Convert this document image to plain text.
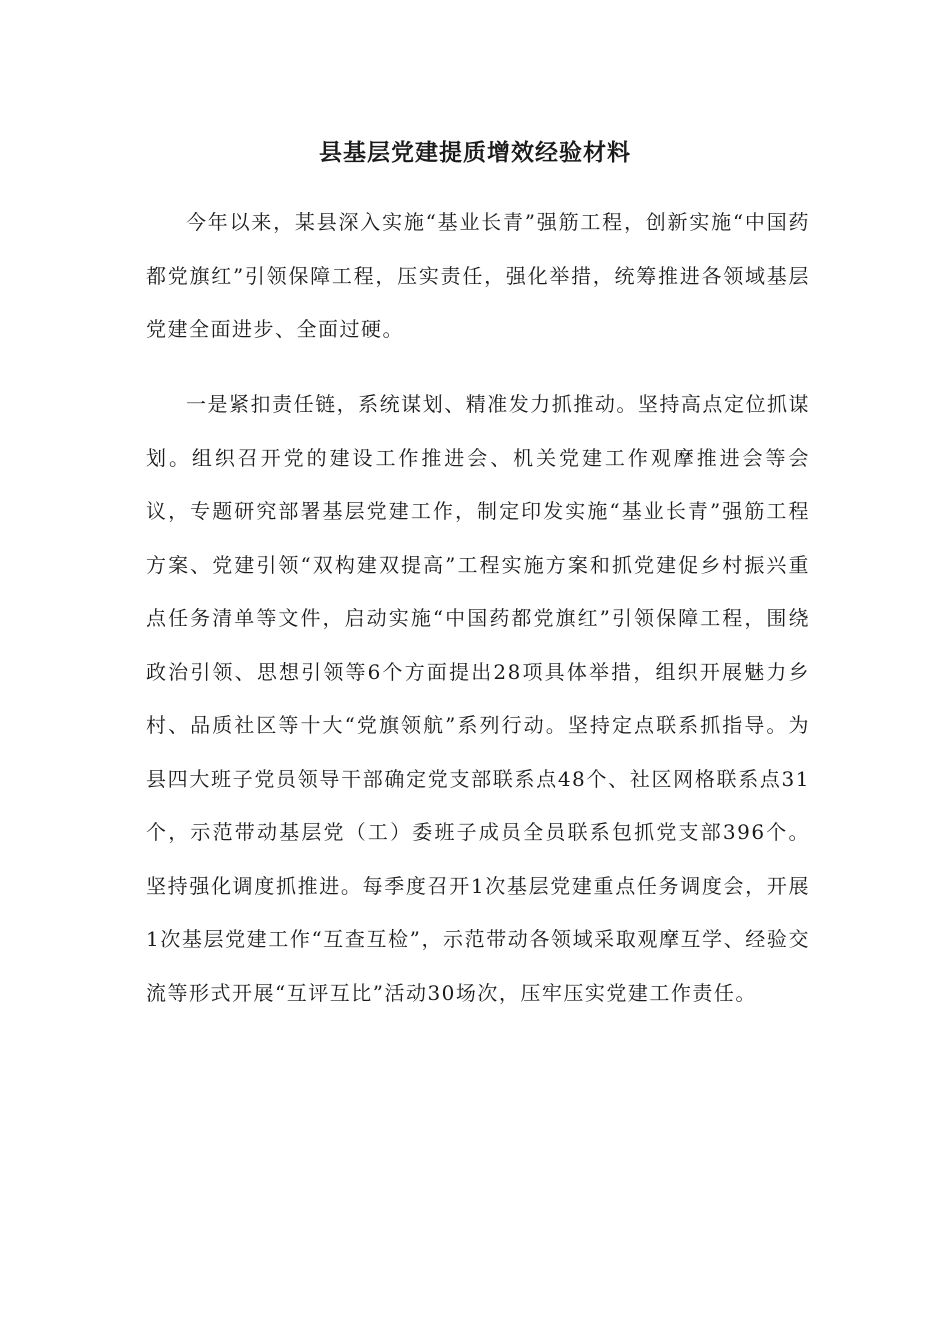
县基层党建提质增效经验材料

今年以来，某县深入实施“基业长青”强筋工程，创新实施“中国药都党旗红”引领保障工程，压实责任，强化举措，统筹推进各领域基层党建全面进步、全面过硬。

一是紧扣责任链，系统谋划、精准发力抓推动。坚持高点定位抓谋划。组织召开党的建设工作推进会、机关党建工作观摩推进会等会议，专题研究部署基层党建工作，制定印发实施“基业长青”强筋工程方案、党建引领“双构建双提高”工程实施方案和抓党建促乡村振兴重点任务清单等文件，启动实施“中国药都党旗红”引领保障工程，围绕政治引领、思想引领等6个方面提出28项具体举措，组织开展魅力乡村、品质社区等十大“党旗领航”系列行动。坚持定点联系抓指导。为县四大班子党员领导干部确定党支部联系点48个、社区网格联系点31个，示范带动基层党（工）委班子成员全员联系包抓党支部396个。坚持强化调度抓推进。每季度召开1次基层党建重点任务调度会，开展1次基层党建工作“互查互检”，示范带动各领域采取观摩互学、经验交流等形式开展“互评互比”活动30场次，压牢压实党建工作责任。
